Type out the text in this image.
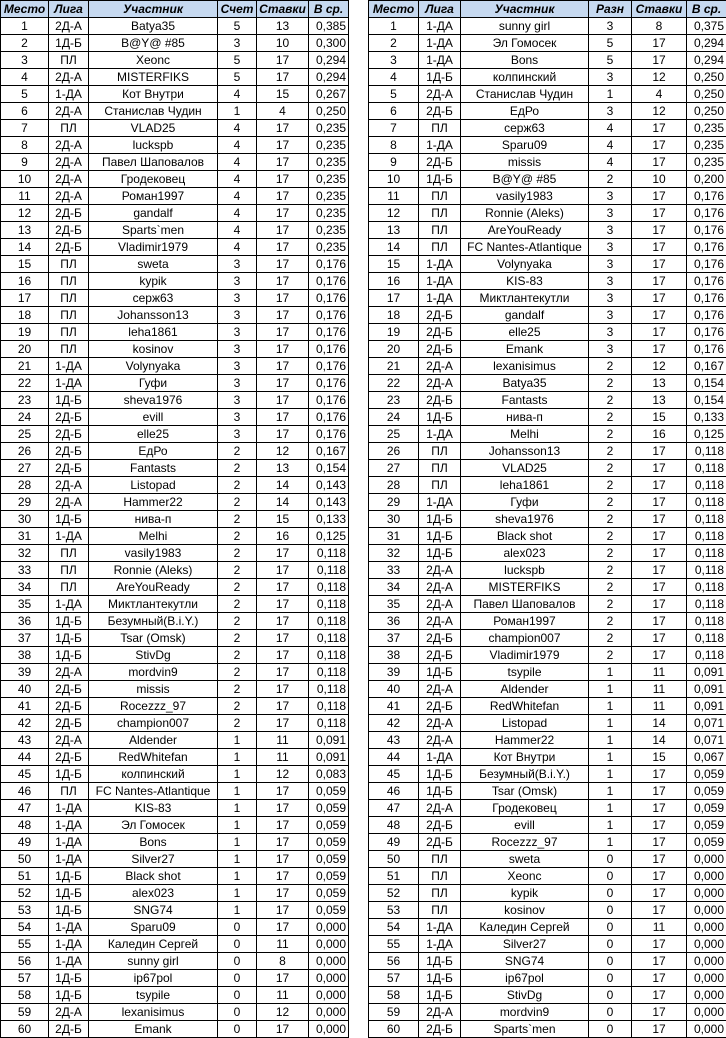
Место	Лига	Участник	Счет	Ставки	В ср.
1	2Д-А	Batya35	5	13	0,385
2	1Д-Б	B@Y@ #85	3	10	0,300
3	ПЛ	Xeonc	5	17	0,294
4	2Д-А	MISTERFIKS	5	17	0,294
5	1-ДА	Кот Внутри	4	15	0,267
6	2Д-А	Станислав Чудин	1	4	0,250
7	ПЛ	VLAD25	4	17	0,235
8	2Д-А	luckspb	4	17	0,235
9	2Д-А	Павел Шаповалов	4	17	0,235
10	2Д-А	Гродековец	4	17	0,235
11	2Д-А	Роман1997	4	17	0,235
12	2Д-Б	gandalf	4	17	0,235
13	2Д-Б	Sparts`men	4	17	0,235
14	2Д-Б	Vladimir1979	4	17	0,235
15	ПЛ	sweta	3	17	0,176
16	ПЛ	kypik	3	17	0,176
17	ПЛ	серж63	3	17	0,176
18	ПЛ	Johansson13	3	17	0,176
19	ПЛ	leha1861	3	17	0,176
20	ПЛ	kosinov	3	17	0,176
21	1-ДА	Volynyaka	3	17	0,176
22	1-ДА	Гуфи	3	17	0,176
23	1Д-Б	sheva1976	3	17	0,176
24	2Д-Б	evill	3	17	0,176
25	2Д-Б	elle25	3	17	0,176
26	2Д-Б	ЕдРо	2	12	0,167
27	2Д-Б	Fantasts	2	13	0,154
28	2Д-А	Listopad	2	14	0,143
29	2Д-А	Hammer22	2	14	0,143
30	1Д-Б	нива-п	2	15	0,133
31	1-ДА	Melhi	2	16	0,125
32	ПЛ	vasily1983	2	17	0,118
33	ПЛ	Ronnie (Aleks)	2	17	0,118
34	ПЛ	AreYouReady	2	17	0,118
35	1-ДА	Миктлантекутли	2	17	0,118
36	1Д-Б	Безумный(B.i.Y.)	2	17	0,118
37	1Д-Б	Tsar (Omsk)	2	17	0,118
38	1Д-Б	StivDg	2	17	0,118
39	2Д-А	mordvin9	2	17	0,118
40	2Д-Б	missis	2	17	0,118
41	2Д-Б	Rocezzz_97	2	17	0,118
42	2Д-Б	champion007	2	17	0,118
43	2Д-А	Aldender	1	11	0,091
44	2Д-Б	RedWhitefan	1	11	0,091
45	1Д-Б	колпинский	1	12	0,083
46	ПЛ	FC Nantes-Atlantique	1	17	0,059
47	1-ДА	KIS-83	1	17	0,059
48	1-ДА	Эл Гомосек	1	17	0,059
49	1-ДА	Bons	1	17	0,059
50	1-ДА	Silver27	1	17	0,059
51	1Д-Б	Black shot	1	17	0,059
52	1Д-Б	alex023	1	17	0,059
53	1Д-Б	SNG74	1	17	0,059
54	1-ДА	Sparu09	0	17	0,000
55	1-ДА	Каледин Сергей	0	11	0,000
56	1-ДА	sunny girl	0	8	0,000
57	1Д-Б	ip67pol	0	17	0,000
58	1Д-Б	tsypile	0	11	0,000
59	2Д-А	lexanisimus	0	12	0,000
60	2Д-Б	Emank	0	17	0,000
Место	Лига	Участник	Разн	Ставки	В ср.
1	1-ДА	sunny girl	3	8	0,375
2	1-ДА	Эл Гомосек	5	17	0,294
3	1-ДА	Bons	5	17	0,294
4	1Д-Б	колпинский	3	12	0,250
5	2Д-А	Станислав Чудин	1	4	0,250
6	2Д-Б	ЕдРо	3	12	0,250
7	ПЛ	серж63	4	17	0,235
8	1-ДА	Sparu09	4	17	0,235
9	2Д-Б	missis	4	17	0,235
10	1Д-Б	B@Y@ #85	2	10	0,200
11	ПЛ	vasily1983	3	17	0,176
12	ПЛ	Ronnie (Aleks)	3	17	0,176
13	ПЛ	AreYouReady	3	17	0,176
14	ПЛ	FC Nantes-Atlantique	3	17	0,176
15	1-ДА	Volynyaka	3	17	0,176
16	1-ДА	KIS-83	3	17	0,176
17	1-ДА	Миктлантекутли	3	17	0,176
18	2Д-Б	gandalf	3	17	0,176
19	2Д-Б	elle25	3	17	0,176
20	2Д-Б	Emank	3	17	0,176
21	2Д-А	lexanisimus	2	12	0,167
22	2Д-А	Batya35	2	13	0,154
23	2Д-Б	Fantasts	2	13	0,154
24	1Д-Б	нива-п	2	15	0,133
25	1-ДА	Melhi	2	16	0,125
26	ПЛ	Johansson13	2	17	0,118
27	ПЛ	VLAD25	2	17	0,118
28	ПЛ	leha1861	2	17	0,118
29	1-ДА	Гуфи	2	17	0,118
30	1Д-Б	sheva1976	2	17	0,118
31	1Д-Б	Black shot	2	17	0,118
32	1Д-Б	alex023	2	17	0,118
33	2Д-А	luckspb	2	17	0,118
34	2Д-А	MISTERFIKS	2	17	0,118
35	2Д-А	Павел Шаповалов	2	17	0,118
36	2Д-А	Роман1997	2	17	0,118
37	2Д-Б	champion007	2	17	0,118
38	2Д-Б	Vladimir1979	2	17	0,118
39	1Д-Б	tsypile	1	11	0,091
40	2Д-А	Aldender	1	11	0,091
41	2Д-Б	RedWhitefan	1	11	0,091
42	2Д-А	Listopad	1	14	0,071
43	2Д-А	Hammer22	1	14	0,071
44	1-ДА	Кот Внутри	1	15	0,067
45	1Д-Б	Безумный(B.i.Y.)	1	17	0,059
46	1Д-Б	Tsar (Omsk)	1	17	0,059
47	2Д-А	Гродековец	1	17	0,059
48	2Д-Б	evill	1	17	0,059
49	2Д-Б	Rocezzz_97	1	17	0,059
50	ПЛ	sweta	0	17	0,000
51	ПЛ	Xeonc	0	17	0,000
52	ПЛ	kypik	0	17	0,000
53	ПЛ	kosinov	0	17	0,000
54	1-ДА	Каледин Сергей	0	11	0,000
55	1-ДА	Silver27	0	17	0,000
56	1Д-Б	SNG74	0	17	0,000
57	1Д-Б	ip67pol	0	17	0,000
58	1Д-Б	StivDg	0	17	0,000
59	2Д-А	mordvin9	0	17	0,000
60	2Д-Б	Sparts`men	0	17	0,000
